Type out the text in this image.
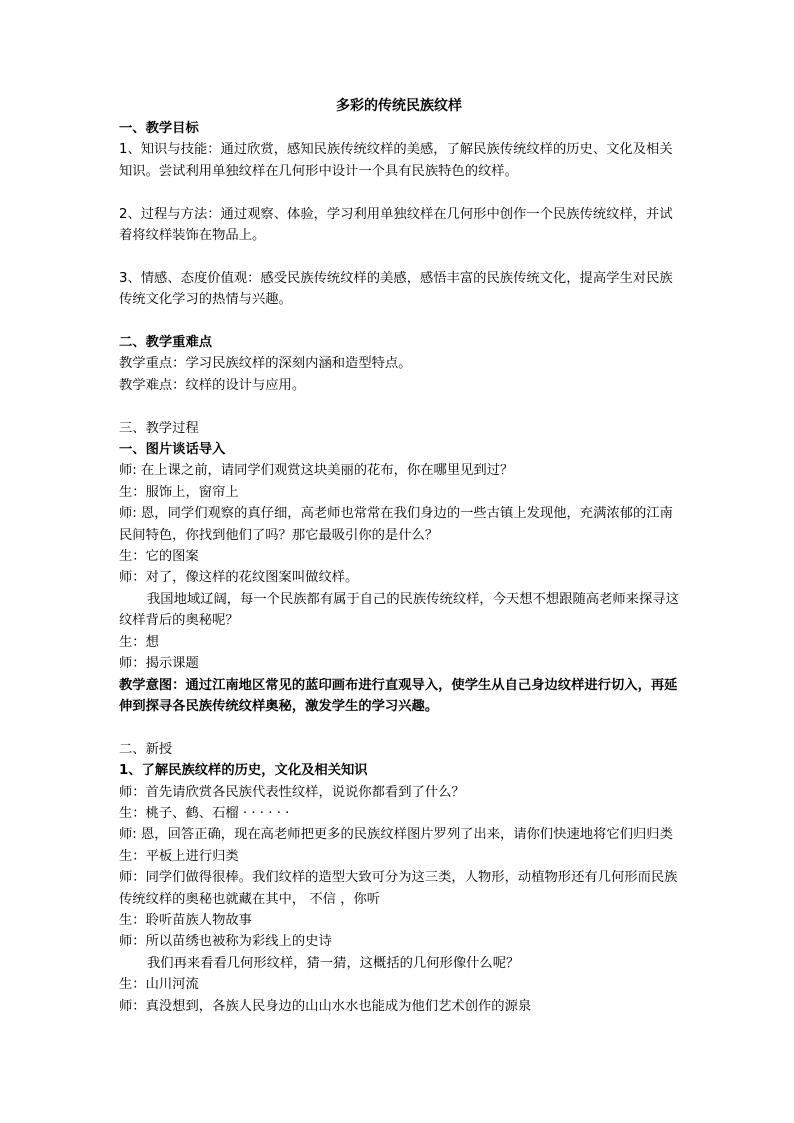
多彩的传统民族纹样

一、教学目标

1、知识与技能：通过欣赏，感知民族传统纹样的美感，了解民族传统纹样的历史、文化及相关知识。尝试利用单独纹样在几何形中设计一个具有民族特色的纹样。

2、过程与方法：通过观察、体验，学习利用单独纹样在几何形中创作一个民族传统纹样，并试着将纹样装饰在物品上。

3、情感、态度价值观：感受民族传统纹样的美感，感悟丰富的民族传统文化，提高学生对民族传统文化学习的热情与兴趣。

二、教学重难点

教学重点：学习民族纹样的深刻内涵和造型特点。

教学难点：纹样的设计与应用。

三、教学过程

一、图片谈话导入

师: 在上课之前，请同学们观赏这块美丽的花布，你在哪里见到过？

生：服饰上，窗帘上

师: 恩，同学们观察的真仔细，高老师也常常在我们身边的一些古镇上发现他，充满浓郁的江南民间特色，你找到他们了吗？那它最吸引你的是什么？

生：它的图案

师：对了，像这样的花纹图案叫做纹样。

我国地域辽阔，每一个民族都有属于自己的民族传统纹样，今天想不想跟随高老师来探寻这纹样背后的奥秘呢？

生：想

师：揭示课题

教学意图：通过江南地区常见的蓝印画布进行直观导入，使学生从自己身边纹样进行切入，再延伸到探寻各民族传统纹样奥秘，激发学生的学习兴趣。

二、新授

1、了解民族纹样的历史，文化及相关知识

师：首先请欣赏各民族代表性纹样，说说你都看到了什么？

生：桃子、鹤、石榴 · · · · · ·

师: 恩，回答正确，现在高老师把更多的民族纹样图片罗列了出来，请你们快速地将它们归归类

生：平板上进行归类

师：同学们做得很棒。我们纹样的造型大致可分为这三类，人物形，动植物形还有几何形而民族传统纹样的奥秘也就藏在其中， 不信 ，你听

生：聆听苗族人物故事

师：所以苗绣也被称为彩线上的史诗

我们再来看看几何形纹样，猜一猜，这概括的几何形像什么呢？

生：山川河流

师：真没想到，各族人民身边的山山水水也能成为他们艺术创作的源泉
